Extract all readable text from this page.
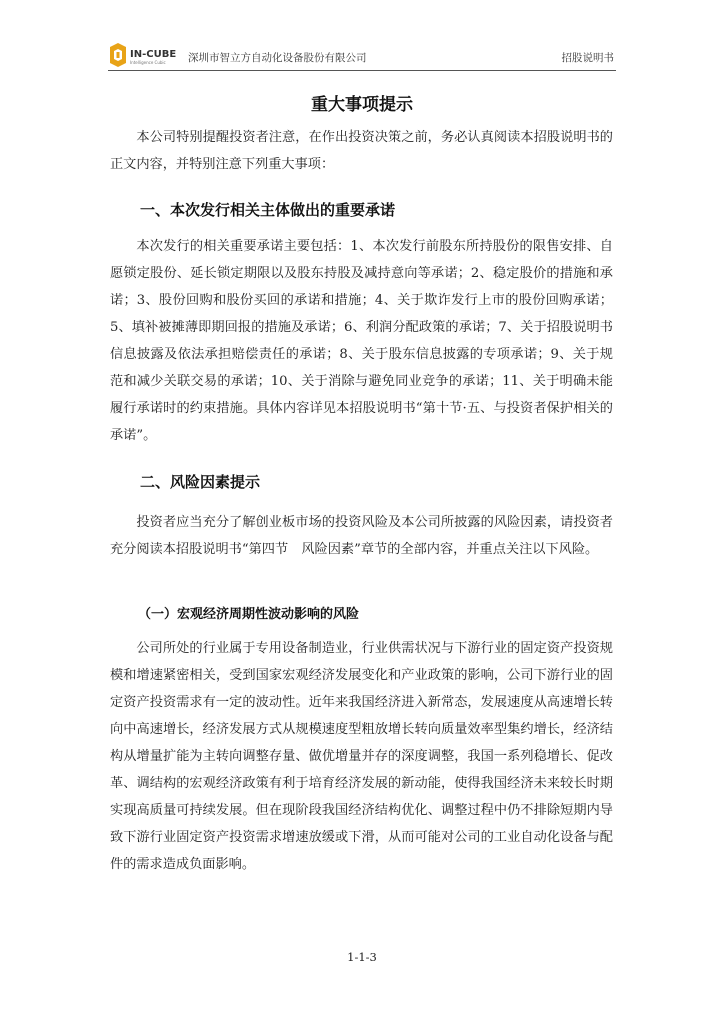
IN-CUBE
Intelligence Cubic 深圳市智立方自动化设备股份有限公司	招股说明书
重大事项提示

本公司特别提醒投资者注意，在作出投资决策之前，务必认真阅读本招股说明书的正文内容，并特别注意下列重大事项：

一、本次发行相关主体做出的重要承诺

本次发行的相关重要承诺主要包括：1、本次发行前股东所持股份的限售安排、自愿锁定股份、延长锁定期限以及股东持股及减持意向等承诺；2、稳定股价的措施和承诺；3、股份回购和股份买回的承诺和措施；4、关于欺诈发行上市的股份回购承诺；5、填补被摊薄即期回报的措施及承诺；6、利润分配政策的承诺；7、关于招股说明书信息披露及依法承担赔偿责任的承诺；8、关于股东信息披露的专项承诺；9、关于规范和减少关联交易的承诺；10、关于消除与避免同业竞争的承诺；11、关于明确未能履行承诺时的约束措施。具体内容详见本招股说明书“第十节·五、与投资者保护相关的承诺”。

二、风险因素提示

投资者应当充分了解创业板市场的投资风险及本公司所披露的风险因素，请投资者充分阅读本招股说明书“第四节　风险因素”章节的全部内容，并重点关注以下风险。

（一）宏观经济周期性波动影响的风险

公司所处的行业属于专用设备制造业，行业供需状况与下游行业的固定资产投资规模和增速紧密相关，受到国家宏观经济发展变化和产业政策的影响，公司下游行业的固定资产投资需求有一定的波动性。近年来我国经济进入新常态，发展速度从高速增长转向中高速增长，经济发展方式从规模速度型粗放增长转向质量效率型集约增长，经济结构从增量扩能为主转向调整存量、做优增量并存的深度调整，我国一系列稳增长、促改革、调结构的宏观经济政策有利于培育经济发展的新动能，使得我国经济未来较长时期实现高质量可持续发展。但在现阶段我国经济结构优化、调整过程中仍不排除短期内导致下游行业固定资产投资需求增速放缓或下滑，从而可能对公司的工业自动化设备与配件的需求造成负面影响。

1-1-3
